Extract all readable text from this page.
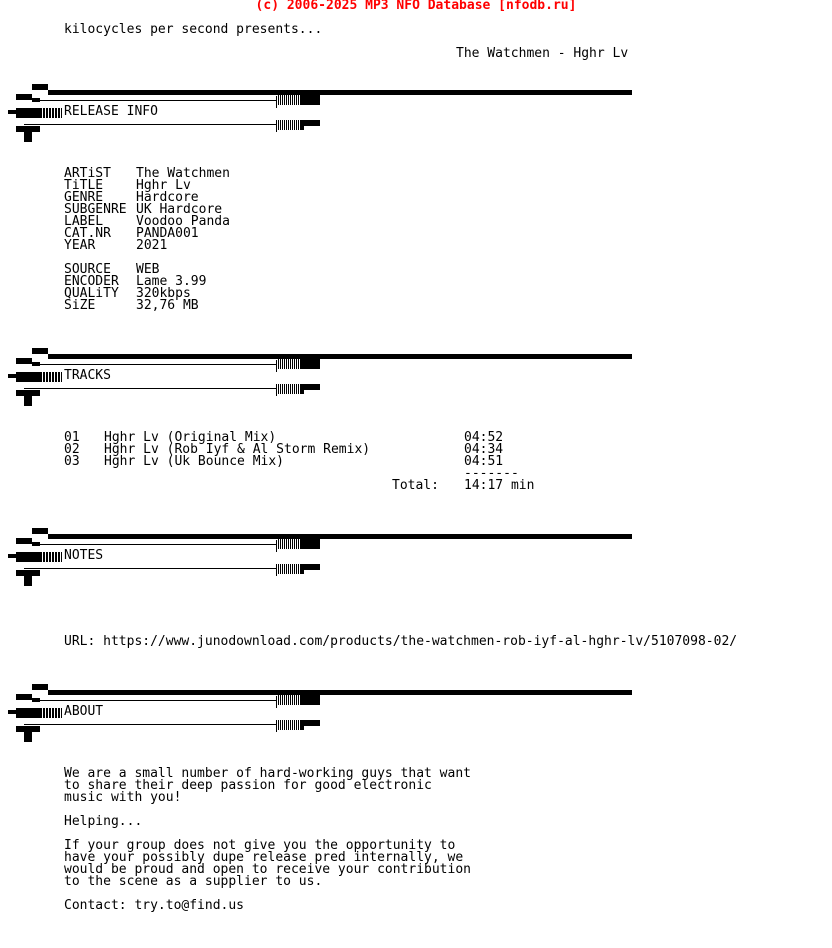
(c) 2006-2025 MP3 NFO Database [nfodb.ru]
kilocycles per second presents...
The Watchmen - Hghr Lv
RELEASE INFO
ARTiST The Watchmen
TiTLE	Hghr Lv
GENRE	Hardcore
SUBGENRE UK Hardcore
LABEL	Voodoo Panda
CAT.NR PANDA001
YEAR	2021
SOURCE WEB
ENCODER Lame 3.99
QUALiTY 320kbps
SiZE	32,76 MB
TRACKS
01 Hghr Lv (Original Mix)	04:52
02 Hghr Lv (Rob Iyf & Al Storm Remix)	04:34
03 Hghr Lv (Uk Bounce Mix)	04:51
-------
Total: 14:17 min
NOTES
URL: https://www.junodownload.com/products/the-watchmen-rob-iyf-al-hghr-lv/5107098-02/
ABOUT
We are a small number of hard-working guys that want
to share their deep passion for good electronic
music with you!
Helping...
If your group does not give you the opportunity to
have your possibly dupe release pred internally, we
would be proud and open to receive your contribution
to the scene as a supplier to us.
Contact: try.to@find.us
